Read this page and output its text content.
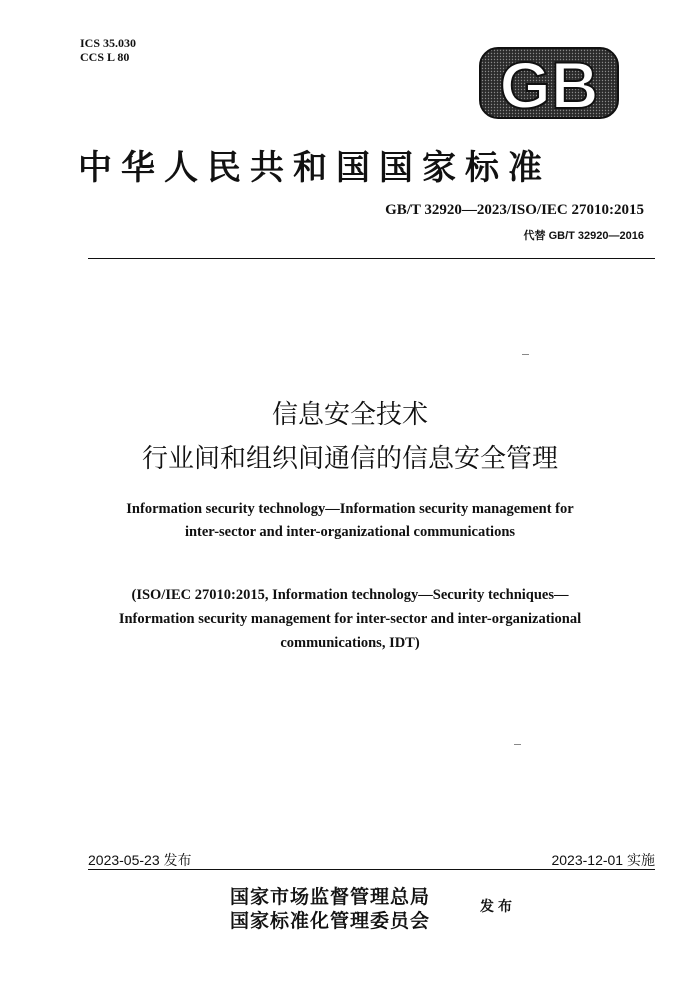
ICS 35.030
CCS L 80	GB
中华人民共和国国家标准
GB/T 32920—2023/ISO/IEC 27010:2015
代替 GB/T 32920—2016
信息安全技术
行业间和组织间通信的信息安全管理
Information security technology—Information security management for
inter-sector and inter-organizational communications
(ISO/IEC 27010:2015, Information technology—Security techniques—
Information security management for inter-sector and inter-organizational
communications, IDT)
2023-05-23 发布	2023-12-01 实施
国家市场监督管理总局
国家标准化管理委员会
发布
